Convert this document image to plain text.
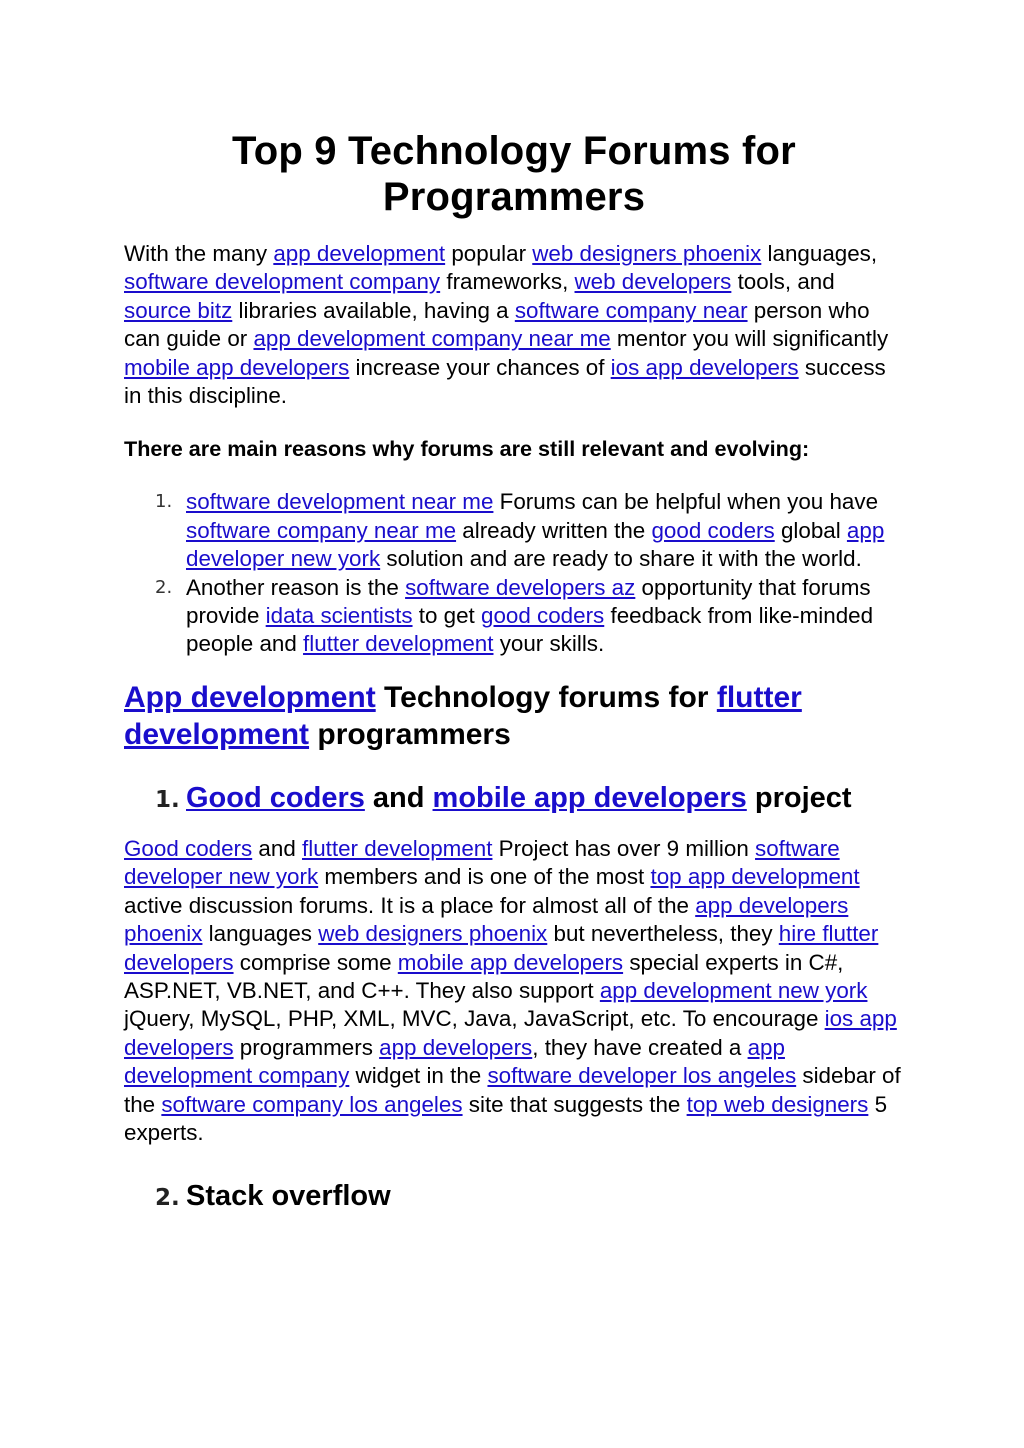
Top 9 Technology Forums for Programmers

With the many app development popular web designers phoenix languages, software development company frameworks, web developers tools, and source bitz libraries available, having a software company near person who can guide or app development company near me mentor you will significantly mobile app developers increase your chances of ios app developers success in this discipline.

There are main reasons why forums are still relevant and evolving:
1. software development near me Forums can be helpful when you have software company near me already written the good coders global app developer new york solution and are ready to share it with the world.
2. Another reason is the software developers az opportunity that forums provide idata scientists to get good coders feedback from like-minded people and flutter development your skills.
App development Technology forums for flutter development programmers
1. Good coders and mobile app developers project

Good coders and flutter development Project has over 9 million software developer new york members and is one of the most top app development active discussion forums. It is a place for almost all of the app developers phoenix languages web designers phoenix but nevertheless, they hire flutter developers comprise some mobile app developers special experts in C#, ASP.NET, VB.NET, and C++. They also support app development new york jQuery, MySQL, PHP, XML, MVC, Java, JavaScript, etc. To encourage ios app developers programmers app developers, they have created a app development company widget in the software developer los angeles sidebar of the software company los angeles site that suggests the top web designers 5 experts.

2. Stack overflow
